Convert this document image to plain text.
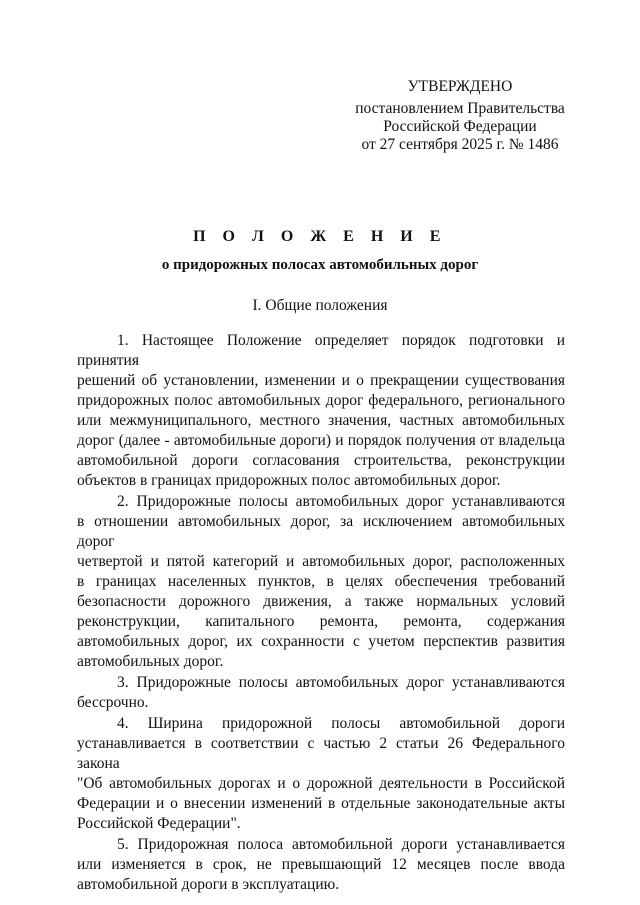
УТВЕРЖДЕНО
постановлением Правительства
Российской Федерации
от 27 сентября 2025 г. № 1486
П О Л О Ж Е Н И Е
о придорожных полосах автомобильных дорог
I. Общие положения

1. Настоящее Положение определяет порядок подготовки и принятия
решений об установлении, изменении и о прекращении существования
придорожных полос автомобильных дорог федерального, регионального
или межмуниципального, местного значения, частных автомобильных
дорог (далее - автомобильные дороги) и порядок получения от владельца
автомобильной дороги согласования строительства, реконструкции
объектов в границах придорожных полос автомобильных дорог.

2. Придорожные полосы автомобильных дорог устанавливаются
в отношении автомобильных дорог, за исключением автомобильных дорог
четвертой и пятой категорий и автомобильных дорог, расположенных
в границах населенных пунктов, в целях обеспечения требований
безопасности дорожного движения, а также нормальных условий
реконструкции, капитального ремонта, ремонта, содержания
автомобильных дорог, их сохранности с учетом перспектив развития
автомобильных дорог.

3. Придорожные полосы автомобильных дорог устанавливаются
бессрочно.

4. Ширина придорожной полосы автомобильной дороги
устанавливается в соответствии с частью 2 статьи 26 Федерального закона
"Об автомобильных дорогах и о дорожной деятельности в Российской
Федерации и о внесении изменений в отдельные законодательные акты
Российской Федерации".

5. Придорожная полоса автомобильной дороги устанавливается
или изменяется в срок, не превышающий 12 месяцев после ввода
автомобильной дороги в эксплуатацию.
